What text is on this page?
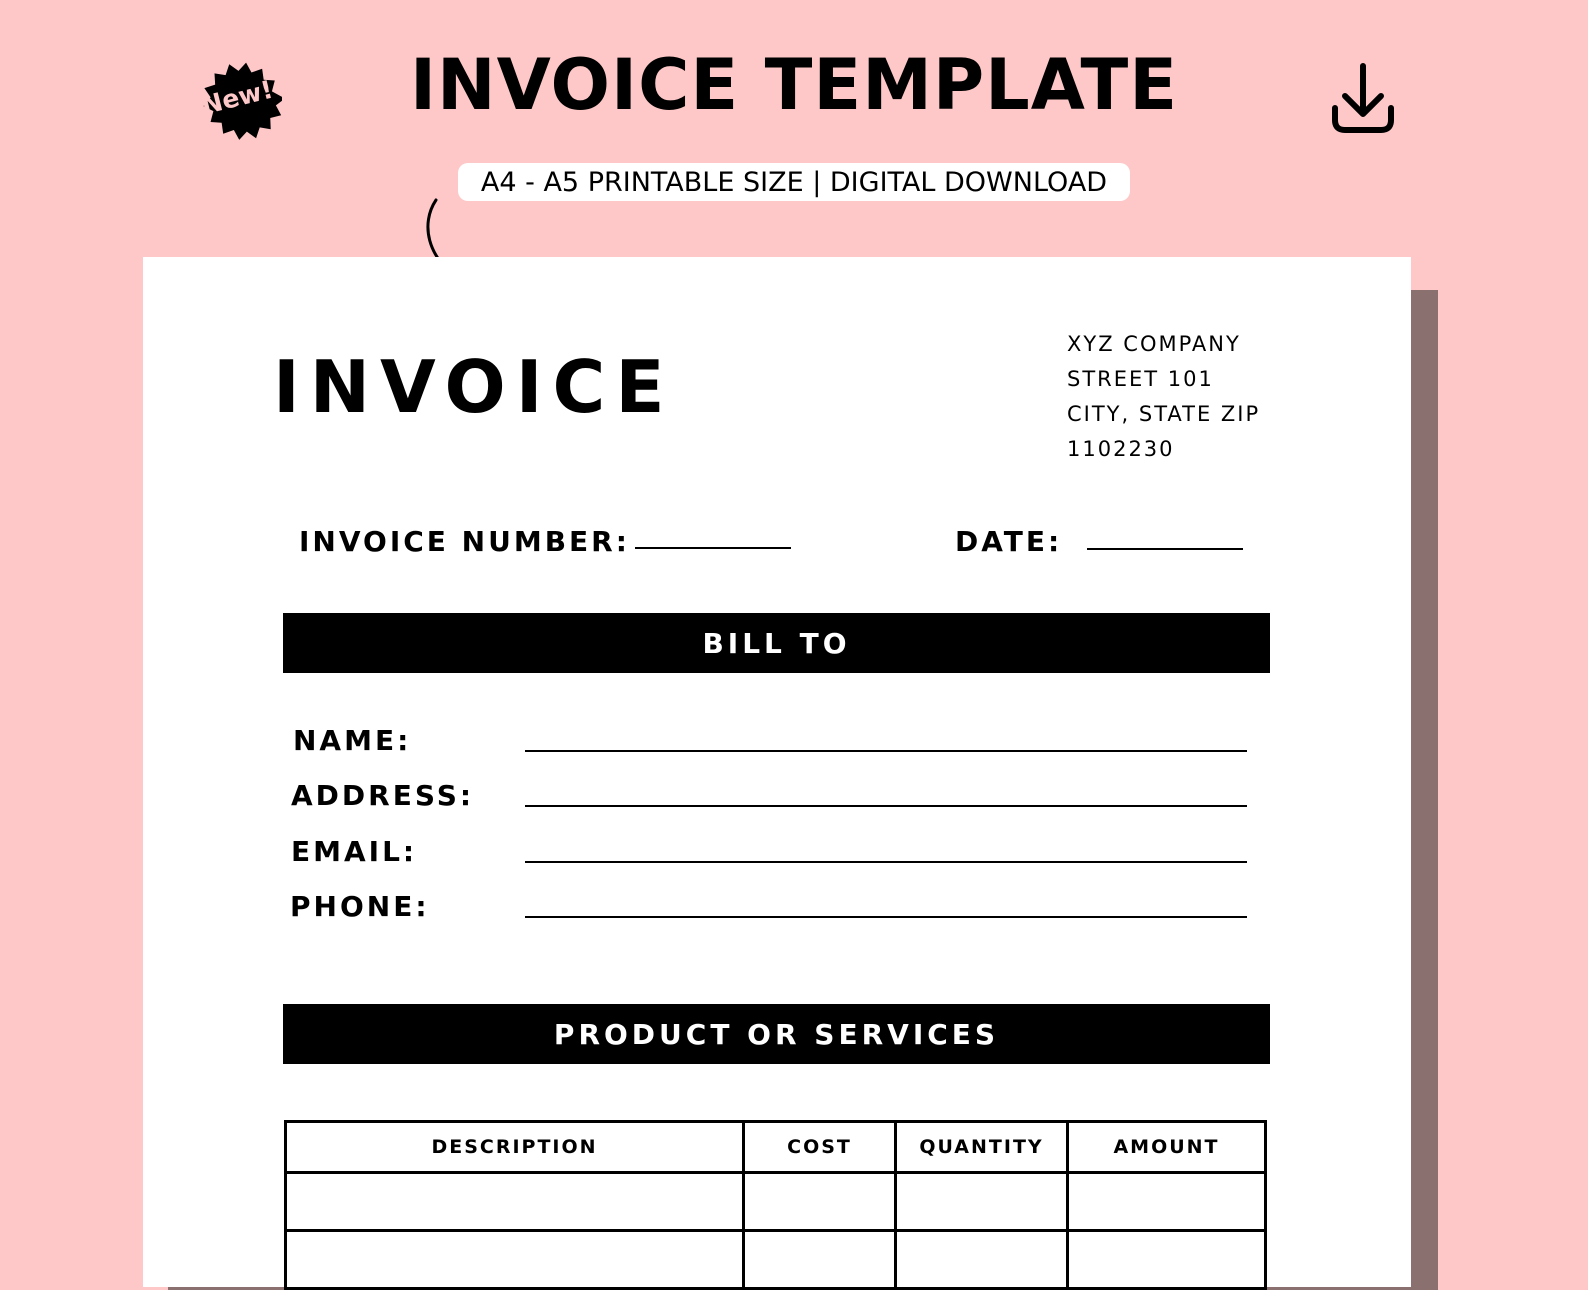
New!	INVOICE TEMPLATE
A4 - A5 PRINTABLE SIZE | DIGITAL DOWNLOAD
INVOICE
XYZ COMPANY
STREET 101
CITY, STATE ZIP
1102230
INVOICE NUMBER:	DATE:
BILL TO
NAME:
ADDRESS:
EMAIL:
PHONE:
PRODUCT OR SERVICES
DESCRIPTION	COST	QUANTITY	AMOUNT
